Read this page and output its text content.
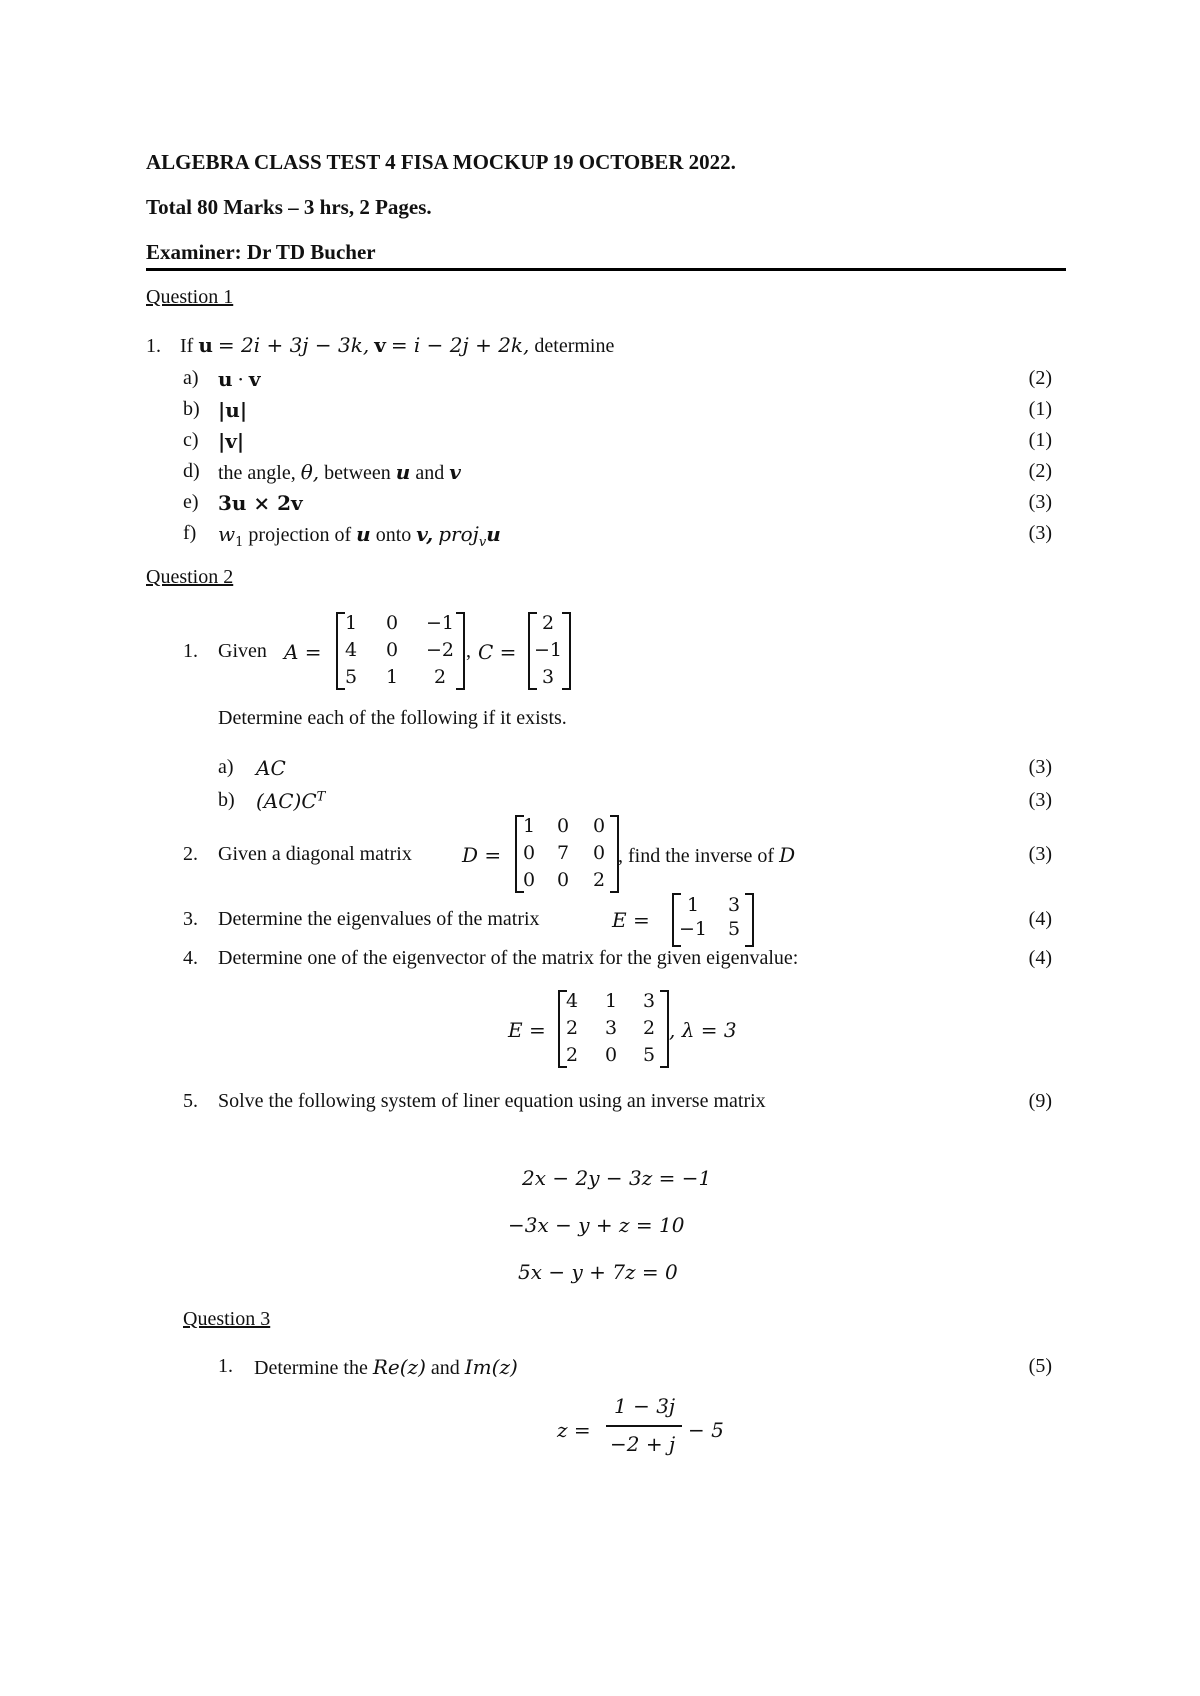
ALGEBRA CLASS TEST 4 FISA MOCKUP 19 OCTOBER 2022.
Total 80 Marks – 3 hrs, 2 Pages.
Examiner: Dr TD Bucher
Question 1
1. If u = 2i + 3j − 3k, v = i − 2j + 2k, determine
a) u · v	(2)
b) |u|	(1)
c) |v|	(1)
d) the angle, θ, between u and v	(2)
e) 3u × 2v	(3)
f) $w_1$ projection of u onto v, proj$_v$u	(3)
Question 2
1. Given A =
1	0	−1
4	0	−2
5	1	2
, C =
2
−1
3
Determine each of the following if it exists.
a) AC	(3)
b) $(AC)C^T$	(3)
2. Given a diagonal matrix	D =
1	0	0
0	7	0
0	0	2
, find the inverse of D	(3)
3. Determine the eigenvalues of the matrix	E =
1	3
−1	5	(4)
4. Determine one of the eigenvector of the matrix for the given eigenvalue:	(4)
E =
4	1	3
2	3	2
2	0	5
, λ = 3
5. Solve the following system of liner equation using an inverse matrix	(9)
2x − 2y − 3z = −1
−3x − y + z = 10
5x − y + 7z = 0
Question 3
1. Determine the Re(z) and Im(z)	(5)
z =
1 − 3j
−2 + j
− 5
